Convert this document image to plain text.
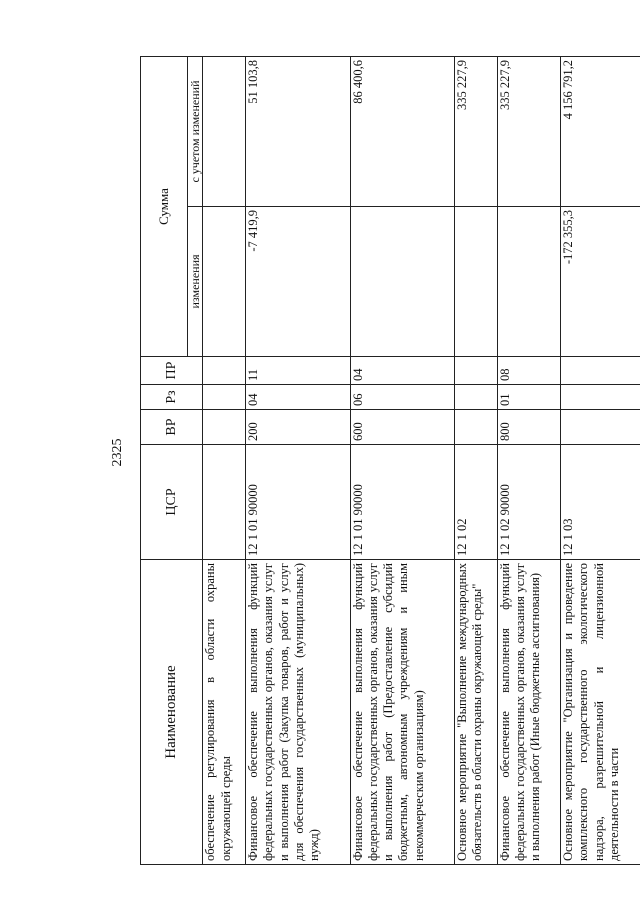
2325
Наименование	ЦСР	ВР	Рз	ПР	Сумма	
					изменения	с учетом изменений
обеспечение регулирования в области охраны окружающей среды						
Финансовое обеспечение выполнения функций федеральных государственных органов, оказания услуг и выполнения работ (Закупка товаров, работ и услуг для обеспечения государственных (муниципальных) нужд)	12 1 01 90000	200	04	11	-7 419,9	51 103,8
Финансовое обеспечение выполнения функций федеральных государственных органов, оказания услуг и выполнения работ (Предоставление субсидий бюджетным, автономным учреждениям и иным некоммерческим организациям)	12 1 01 90000	600	06	04		86 400,6
Основное мероприятие "Выполнение международных обязательств в области охраны окружающей среды"	12 1 02					335 227,9
Финансовое обеспечение выполнения функций федеральных государственных органов, оказания услуг и выполнения работ (Иные бюджетные ассигнования)	12 1 02 90000	800	01	08		335 227,9
Основное мероприятие "Организация и проведение комплексного государственного экологического надзора, разрешительной и лицензионной деятельности в части	12 1 03				-172 355,3	4 156 791,2
